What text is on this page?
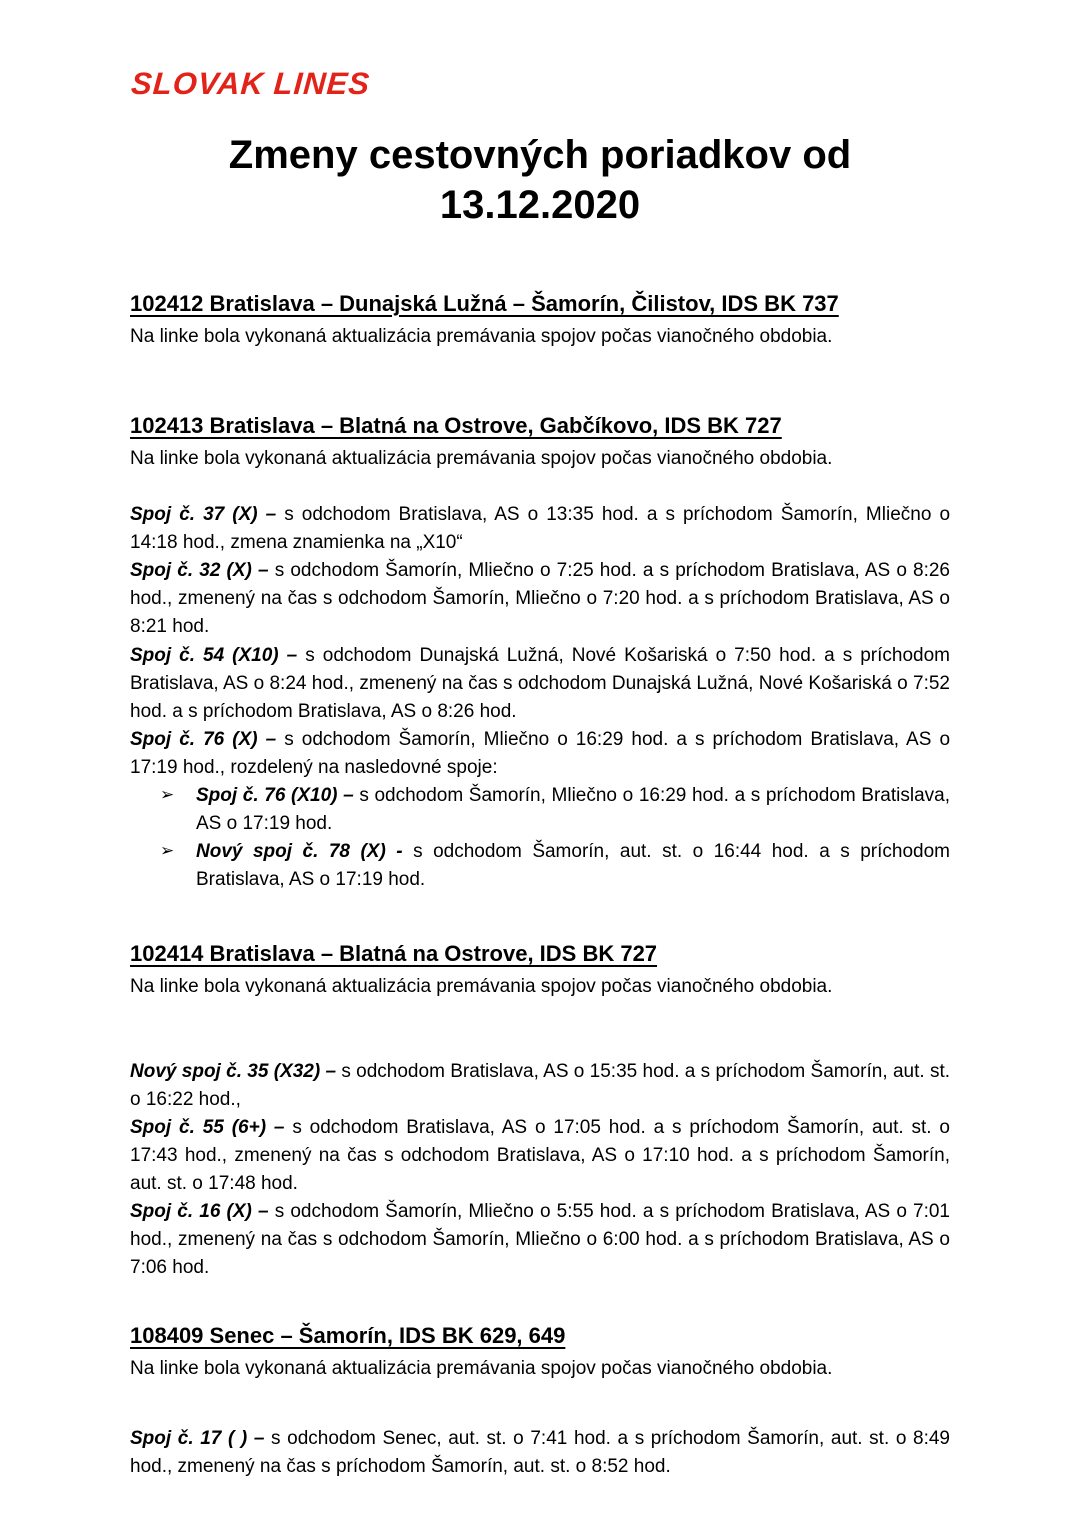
SLOVAK LINES
Zmeny cestovných poriadkov od 13.12.2020
102412 Bratislava – Dunajská Lužná – Šamorín, Čilistov, IDS BK 737

Na linke bola vykonaná aktualizácia premávania spojov počas vianočného obdobia.

102413 Bratislava – Blatná na Ostrove, Gabčíkovo, IDS BK 727

Na linke bola vykonaná aktualizácia premávania spojov počas vianočného obdobia.

Spoj č. 37 (X) – s odchodom Bratislava, AS o 13:35 hod. a s príchodom Šamorín, Mliečno o 14:18 hod., zmena znamienka na „X10“

Spoj č. 32 (X) – s odchodom Šamorín, Mliečno o 7:25 hod. a s príchodom Bratislava, AS o 8:26 hod., zmenený na čas s odchodom Šamorín, Mliečno o 7:20 hod. a s príchodom Bratislava, AS o 8:21 hod.

Spoj č. 54 (X10) – s odchodom Dunajská Lužná, Nové Košariská o 7:50 hod. a s príchodom Bratislava, AS o 8:24 hod., zmenený na čas s odchodom Dunajská Lužná, Nové Košariská o 7:52 hod. a s príchodom Bratislava, AS o 8:26 hod.

Spoj č. 76 (X) – s odchodom Šamorín, Mliečno o 16:29 hod. a s príchodom Bratislava, AS o 17:19 hod., rozdelený na nasledovné spoje:

➢ Spoj č. 76 (X10) – s odchodom Šamorín, Mliečno o 16:29 hod. a s príchodom Bratislava, AS o 17:19 hod.
➢ Nový spoj č. 78 (X) - s odchodom Šamorín, aut. st. o 16:44 hod. a s príchodom Bratislava, AS o 17:19 hod.
102414 Bratislava – Blatná na Ostrove, IDS BK 727

Na linke bola vykonaná aktualizácia premávania spojov počas vianočného obdobia.

Nový spoj č. 35 (X32) – s odchodom Bratislava, AS o 15:35 hod. a s príchodom Šamorín, aut. st. o 16:22 hod.,

Spoj č. 55 (6+) – s odchodom Bratislava, AS o 17:05 hod. a s príchodom Šamorín, aut. st. o 17:43 hod., zmenený na čas s odchodom Bratislava, AS o 17:10 hod. a s príchodom Šamorín, aut. st. o 17:48 hod.

Spoj č. 16 (X) – s odchodom Šamorín, Mliečno o 5:55 hod. a s príchodom Bratislava, AS o 7:01 hod., zmenený na čas s odchodom Šamorín, Mliečno o 6:00 hod. a s príchodom Bratislava, AS o 7:06 hod.

108409 Senec – Šamorín, IDS BK 629, 649

Na linke bola vykonaná aktualizácia premávania spojov počas vianočného obdobia.

Spoj č. 17 ( ) – s odchodom Senec, aut. st. o 7:41 hod. a s príchodom Šamorín, aut. st. o 8:49 hod., zmenený na čas s príchodom Šamorín, aut. st. o 8:52 hod.
